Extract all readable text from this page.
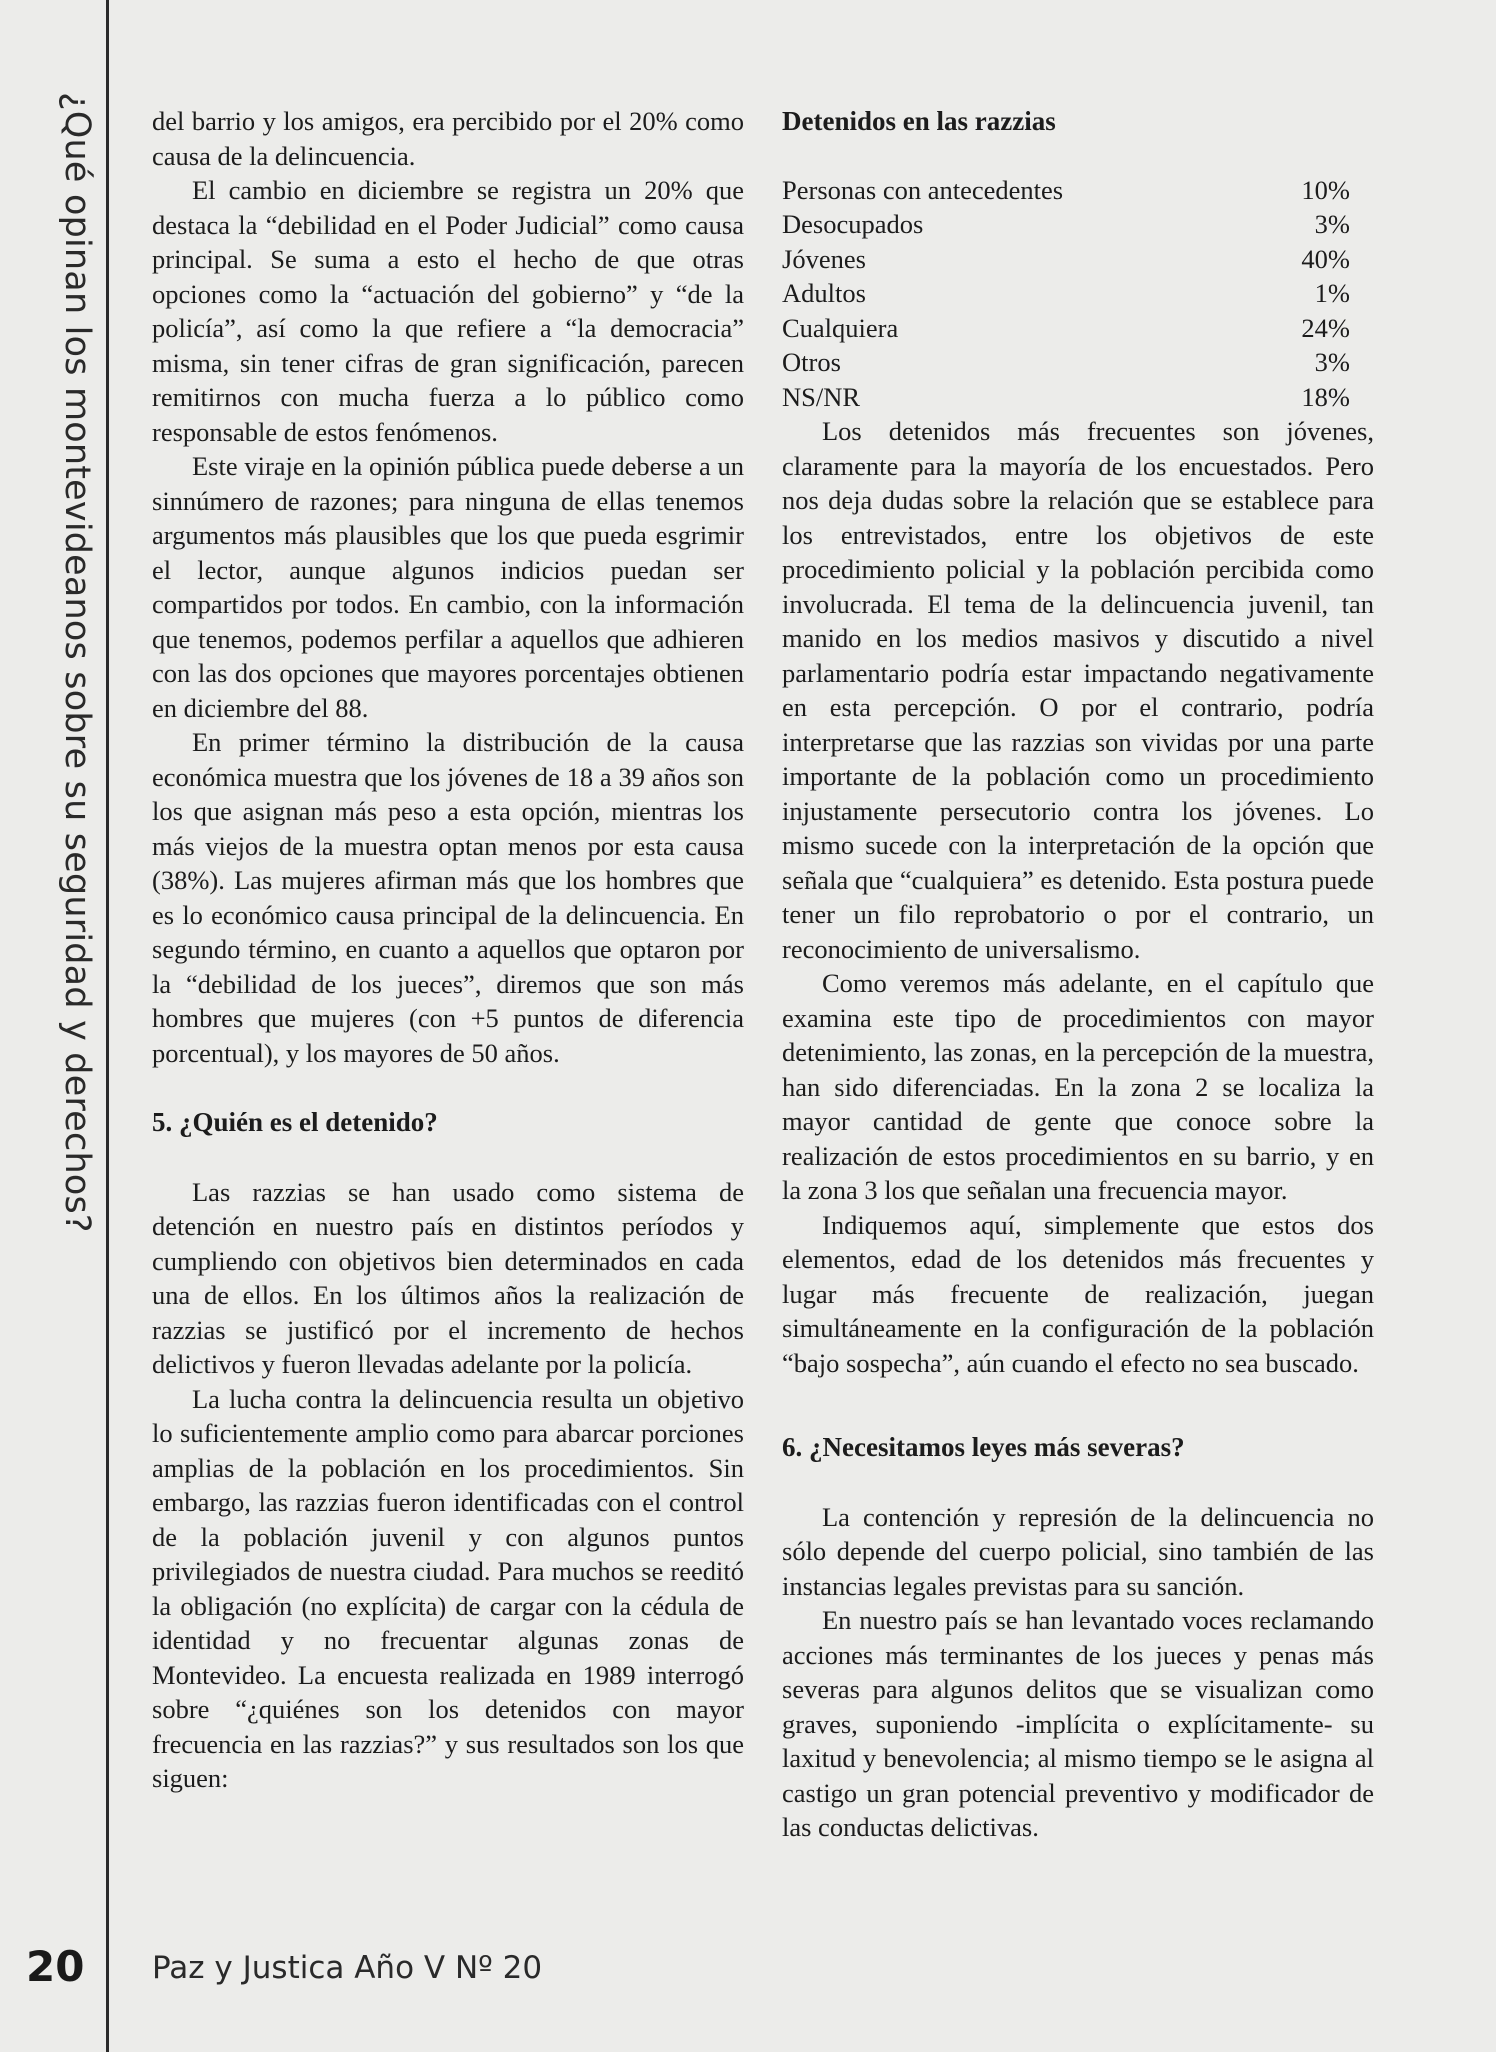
¿Qué opinan los montevideanos sobre su seguridad y derechos?
20 Paz y Justica Año V Nº 20

del barrio y los amigos, era percibido por el 20% como causa de la delincuencia.

El cambio en diciembre se registra un 20% que destaca la “debilidad en el Poder Judicial” como causa principal. Se suma a esto el hecho de que otras opciones como la “actuación del gobierno” y “de la policía”, así como la que refiere a “la democracia” misma, sin tener cifras de gran significación, parecen remitirnos con mucha fuerza a lo público como responsable de estos fenómenos.

Este viraje en la opinión pública puede deberse a un sinnúmero de razones; para ninguna de ellas tenemos argumentos más plausibles que los que pueda esgrimir el lector, aunque algunos indicios puedan ser compartidos por todos. En cambio, con la información que tenemos, podemos perfilar a aquellos que adhieren con las dos opciones que mayores porcentajes obtienen en diciembre del 88.

En primer término la distribución de la causa económica muestra que los jóvenes de 18 a 39 años son los que asignan más peso a esta opción, mientras los más viejos de la muestra optan menos por esta causa (38%). Las mujeres afirman más que los hombres que es lo económico causa principal de la delincuencia. En segundo término, en cuanto a aquellos que optaron por la “debilidad de los jueces”, diremos que son más hombres que mujeres (con +5 puntos de diferencia porcentual), y los mayores de 50 años.

5. ¿Quién es el detenido?

Las razzias se han usado como sistema de detención en nuestro país en distintos períodos y cumpliendo con objetivos bien determinados en cada una de ellos. En los últimos años la realización de razzias se justificó por el incremento de hechos delictivos y fueron llevadas adelante por la policía.

La lucha contra la delincuencia resulta un objetivo lo suficientemente amplio como para abarcar porciones amplias de la población en los procedimientos. Sin embargo, las razzias fueron identificadas con el control de la población juvenil y con algunos puntos privilegiados de nuestra ciudad. Para muchos se reeditó la obligación (no explícita) de cargar con la cédula de identidad y no frecuentar algunas zonas de Montevideo. La encuesta realizada en 1989 interrogó sobre “¿quiénes son los detenidos con mayor frecuencia en las razzias?” y sus resultados son los que siguen:

Detenidos en las razzias
Personas con antecedentes	10%
Desocupados	3%
Jóvenes	40%
Adultos	1%
Cualquiera	24%
Otros	3%
NS/NR	18%

Los detenidos más frecuentes son jóvenes, claramente para la mayoría de los encuestados. Pero nos deja dudas sobre la relación que se establece para los entrevistados, entre los objetivos de este procedimiento policial y la población percibida como involucrada. El tema de la delincuencia juvenil, tan manido en los medios masivos y discutido a nivel parlamentario podría estar impactando negativamente en esta percepción. O por el contrario, podría interpretarse que las razzias son vividas por una parte importante de la población como un procedimiento injustamente persecutorio contra los jóvenes. Lo mismo sucede con la interpretación de la opción que señala que “cualquiera” es detenido. Esta postura puede tener un filo reprobatorio o por el contrario, un reconocimiento de universalismo.

Como veremos más adelante, en el capítulo que examina este tipo de procedimientos con mayor detenimiento, las zonas, en la percepción de la muestra, han sido diferenciadas. En la zona 2 se localiza la mayor cantidad de gente que conoce sobre la realización de estos procedimientos en su barrio, y en la zona 3 los que señalan una frecuencia mayor.

Indiquemos aquí, simplemente que estos dos elementos, edad de los detenidos más frecuentes y lugar más frecuente de realización, juegan simultáneamente en la configuración de la población “bajo sospecha”, aún cuando el efecto no sea buscado.

6. ¿Necesitamos leyes más severas?

La contención y represión de la delincuencia no sólo depende del cuerpo policial, sino también de las instancias legales previstas para su sanción.

En nuestro país se han levantado voces reclamando acciones más terminantes de los jueces y penas más severas para algunos delitos que se visualizan como graves, suponiendo -implícita o explícitamente- su laxitud y benevolencia; al mismo tiempo se le asigna al castigo un gran potencial preventivo y modificador de las conductas delictivas.
